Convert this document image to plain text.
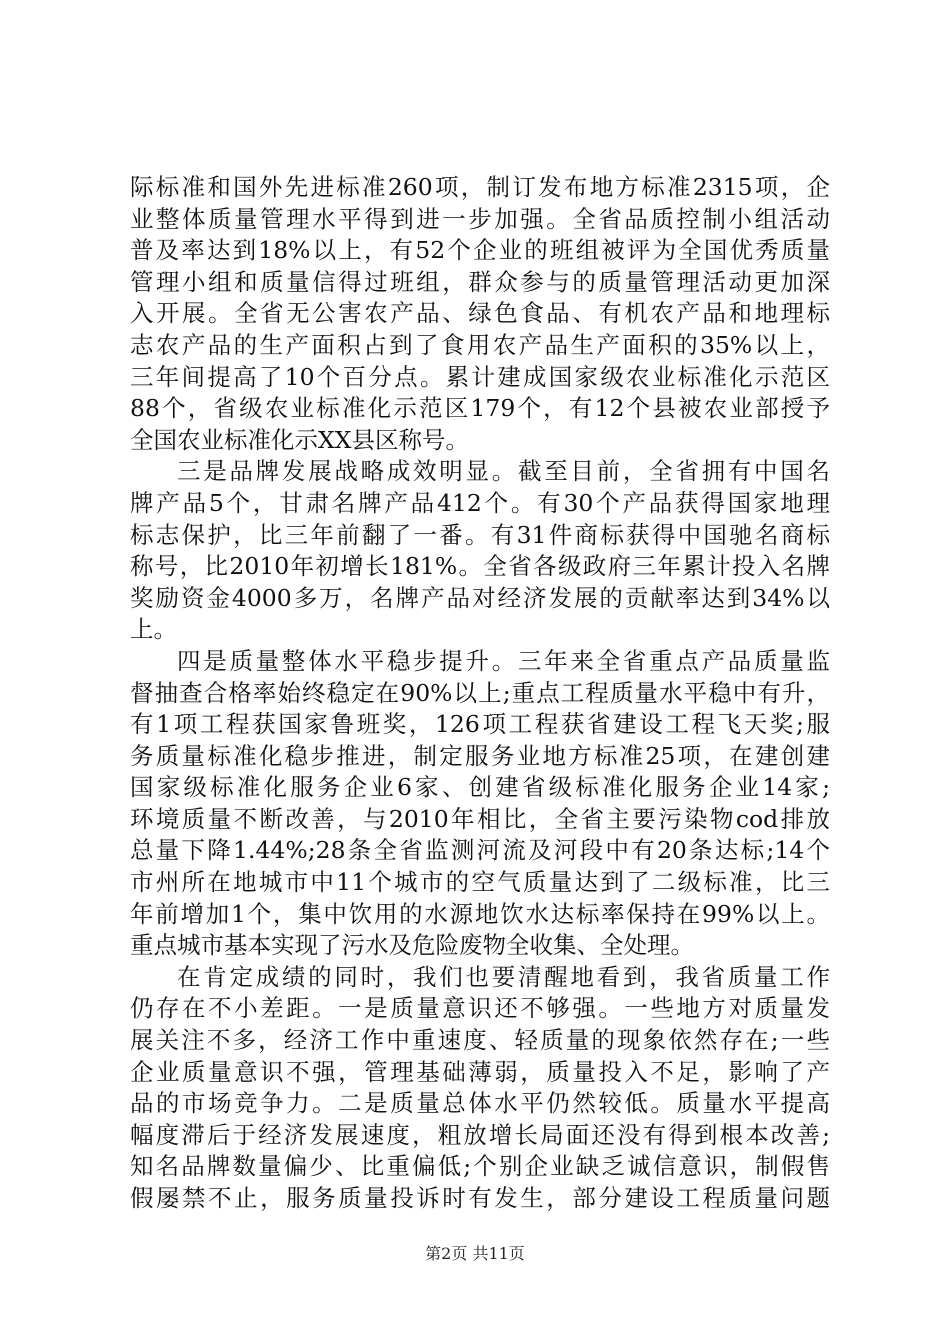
际标准和国外先进标准260项，制订发布地方标准2315项，企
业整体质量管理水平得到进一步加强。全省品质控制小组活动
普及率达到18%以上，有52个企业的班组被评为全国优秀质量
管理小组和质量信得过班组，群众参与的质量管理活动更加深
入开展。全省无公害农产品、绿色食品、有机农产品和地理标
志农产品的生产面积占到了食用农产品生产面积的35%以上，
三年间提高了10个百分点。累计建成国家级农业标准化示范区
88个，省级农业标准化示范区179个，有12个县被农业部授予
全国农业标准化示XX县区称号。
三是品牌发展战略成效明显。截至目前，全省拥有中国名
牌产品5个，甘肃名牌产品412个。有30个产品获得国家地理
标志保护，比三年前翻了一番。有31件商标获得中国驰名商标
称号，比2010年初增长181%。全省各级政府三年累计投入名牌
奖励资金4000多万，名牌产品对经济发展的贡献率达到34%以
上。
四是质量整体水平稳步提升。三年来全省重点产品质量监
督抽查合格率始终稳定在90%以上;重点工程质量水平稳中有升，
有1项工程获国家鲁班奖，126项工程获省建设工程飞天奖;服
务质量标准化稳步推进，制定服务业地方标准25项，在建创建
国家级标准化服务企业6家、创建省级标准化服务企业14家;
环境质量不断改善，与2010年相比，全省主要污染物cod排放
总量下降1.44%;28条全省监测河流及河段中有20条达标;14个
市州所在地城市中11个城市的空气质量达到了二级标准，比三
年前增加1个，集中饮用的水源地饮水达标率保持在99%以上。
重点城市基本实现了污水及危险废物全收集、全处理。
在肯定成绩的同时，我们也要清醒地看到，我省质量工作
仍存在不小差距。一是质量意识还不够强。一些地方对质量发
展关注不多，经济工作中重速度、轻质量的现象依然存在;一些
企业质量意识不强，管理基础薄弱，质量投入不足，影响了产
品的市场竞争力。二是质量总体水平仍然较低。质量水平提高
幅度滞后于经济发展速度，粗放增长局面还没有得到根本改善;
知名品牌数量偏少、比重偏低;个别企业缺乏诚信意识，制假售
假屡禁不止，服务质量投诉时有发生，部分建设工程质量问题
第2页 共11页
